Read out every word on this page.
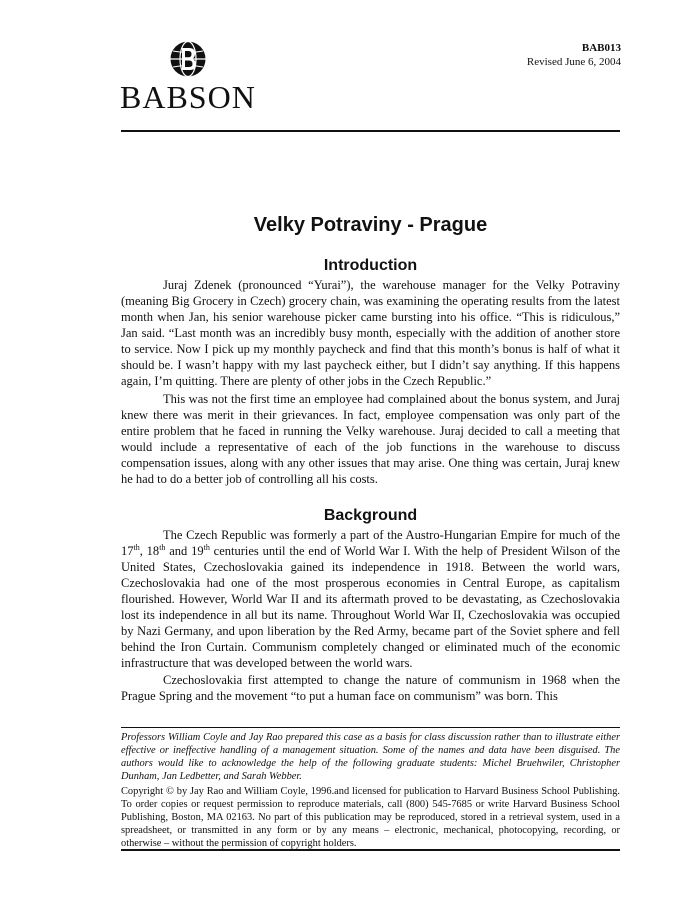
BABSON
BAB013
Revised June 6, 2004
Velky Potraviny - Prague
Introduction

Juraj Zdenek (pronounced “Yurai”), the warehouse manager for the Velky Potraviny (meaning Big Grocery in Czech) grocery chain, was examining the operating results from the latest month when Jan, his senior warehouse picker came bursting into his office. “This is ridiculous,” Jan said. “Last month was an incredibly busy month, especially with the addition of another store to service. Now I pick up my monthly paycheck and find that this month’s bonus is half of what it should be. I wasn’t happy with my last paycheck either, but I didn’t say anything. If this happens again, I’m quitting. There are plenty of other jobs in the Czech Republic.”

This was not the first time an employee had complained about the bonus system, and Juraj knew there was merit in their grievances. In fact, employee compensation was only part of the entire problem that he faced in running the Velky warehouse. Juraj decided to call a meeting that would include a representative of each of the job functions in the warehouse to discuss compensation issues, along with any other issues that may arise. One thing was certain, Juraj knew he had to do a better job of controlling all his costs.

Background

The Czech Republic was formerly a part of the Austro-Hungarian Empire for much of the 17th, 18th and 19th centuries until the end of World War I. With the help of President Wilson of the United States, Czechoslovakia gained its independence in 1918. Between the world wars, Czechoslovakia had one of the most prosperous economies in Central Europe, as capitalism flourished. However, World War II and its aftermath proved to be devastating, as Czechoslovakia lost its independence in all but its name. Throughout World War II, Czechoslovakia was occupied by Nazi Germany, and upon liberation by the Red Army, became part of the Soviet sphere and fell behind the Iron Curtain. Communism completely changed or eliminated much of the economic infrastructure that was developed between the world wars.

Czechoslovakia first attempted to change the nature of communism in 1968 when the Prague Spring and the movement “to put a human face on communism” was born. This

Professors William Coyle and Jay Rao prepared this case as a basis for class discussion rather than to illustrate either effective or ineffective handling of a management situation. Some of the names and data have been disguised. The authors would like to acknowledge the help of the following graduate students: Michel Bruehwiler, Christopher Dunham, Jan Ledbetter, and Sarah Webber.

Copyright © by Jay Rao and William Coyle, 1996.and licensed for publication to Harvard Business School Publishing. To order copies or request permission to reproduce materials, call (800) 545-7685 or write Harvard Business School Publishing, Boston, MA 02163. No part of this publication may be reproduced, stored in a retrieval system, used in a spreadsheet, or transmitted in any form or by any means – electronic, mechanical, photocopying, recording, or otherwise – without the permission of copyright holders.
